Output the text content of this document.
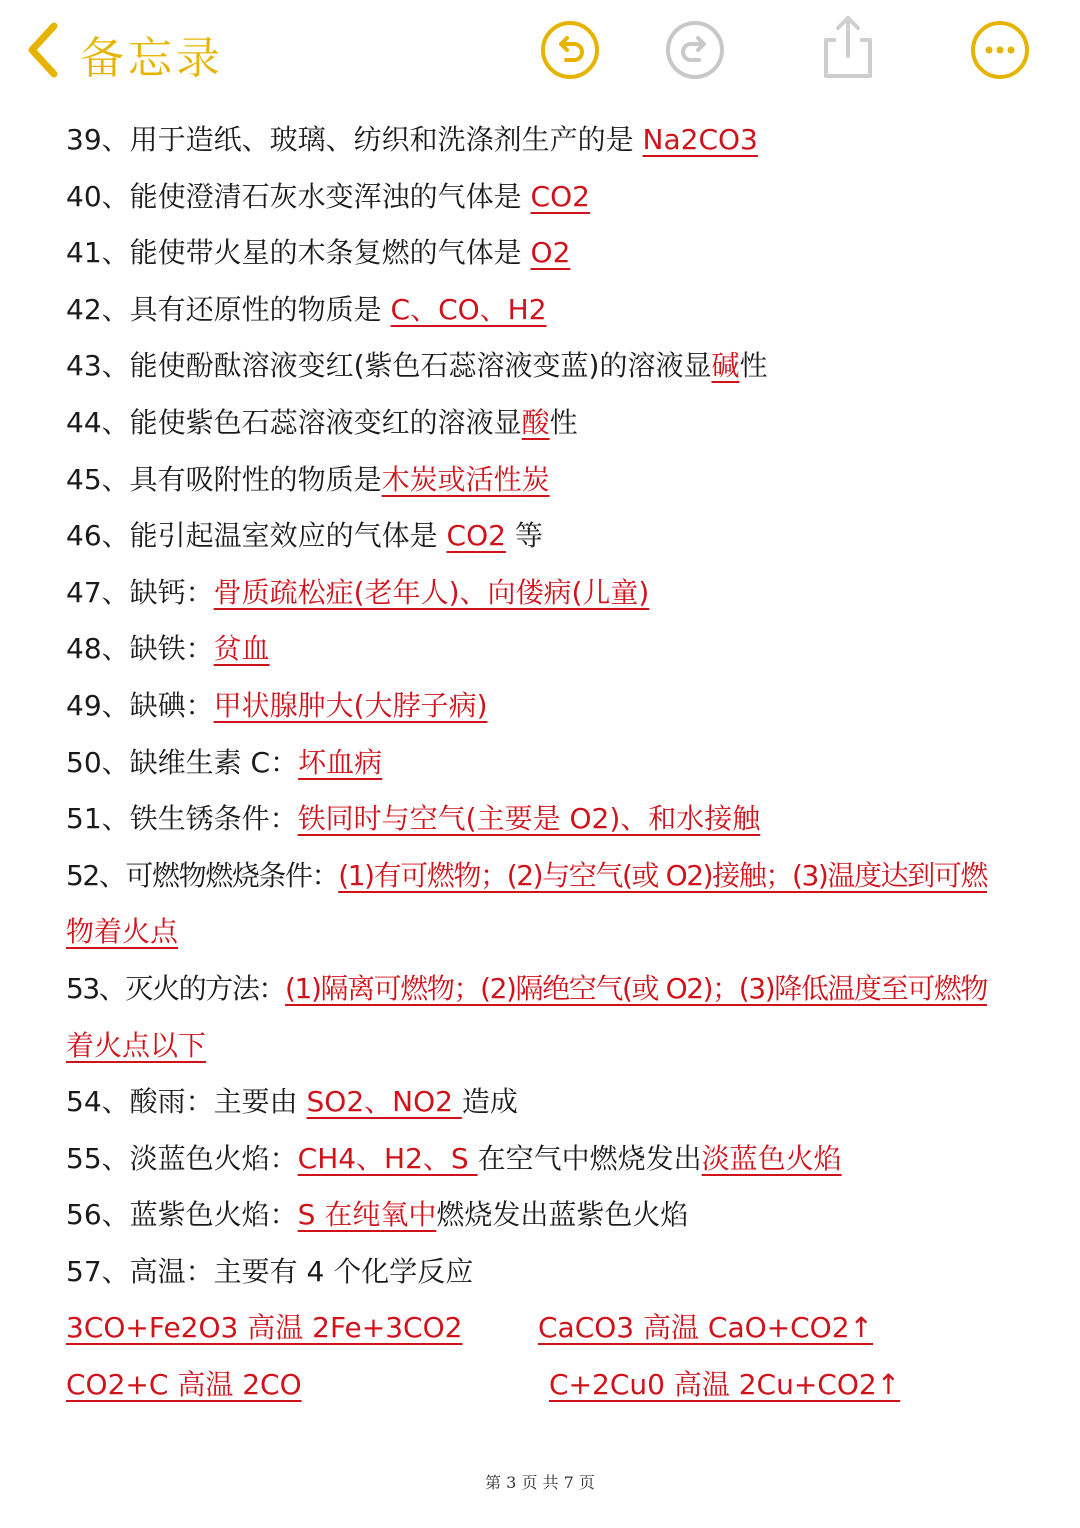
备忘录
39、用于造纸、玻璃、纺织和洗涤剂生产的是 Na2CO3
40、能使澄清石灰水变浑浊的气体是 CO2
41、能使带火星的木条复燃的气体是 O2
42、具有还原性的物质是 C、CO、H2
43、能使酚酞溶液变红(紫色石蕊溶液变蓝)的溶液显碱性
44、能使紫色石蕊溶液变红的溶液显酸性
45、具有吸附性的物质是木炭或活性炭
46、能引起温室效应的气体是 CO2 等
47、缺钙：骨质疏松症(老年人)、向偻病(儿童)
48、缺铁：贫血
49、缺碘：甲状腺肿大(大脖子病)
50、缺维生素 C：坏血病
51、铁生锈条件：铁同时与空气(主要是 O2)、和水接触
52、可燃物燃烧条件：(1)有可燃物；(2)与空气(或 O2)接触；(3)温度达到可燃
物着火点
53、灭火的方法：(1)隔离可燃物；(2)隔绝空气(或 O2)；(3)降低温度至可燃物
着火点以下
54、酸雨：主要由 SO2、NO2 造成
55、淡蓝色火焰：CH4、H2、S 在空气中燃烧发出淡蓝色火焰
56、蓝紫色火焰：S 在纯氧中燃烧发出蓝紫色火焰
57、高温：主要有 4 个化学反应
3CO+Fe2O3 高温 2Fe+3CO2	CaCO3 高温 CaO+CO2↑
CO2+C 高温 2CO	C+2Cu0 高温 2Cu+CO2↑
第 3 页 共 7 页
